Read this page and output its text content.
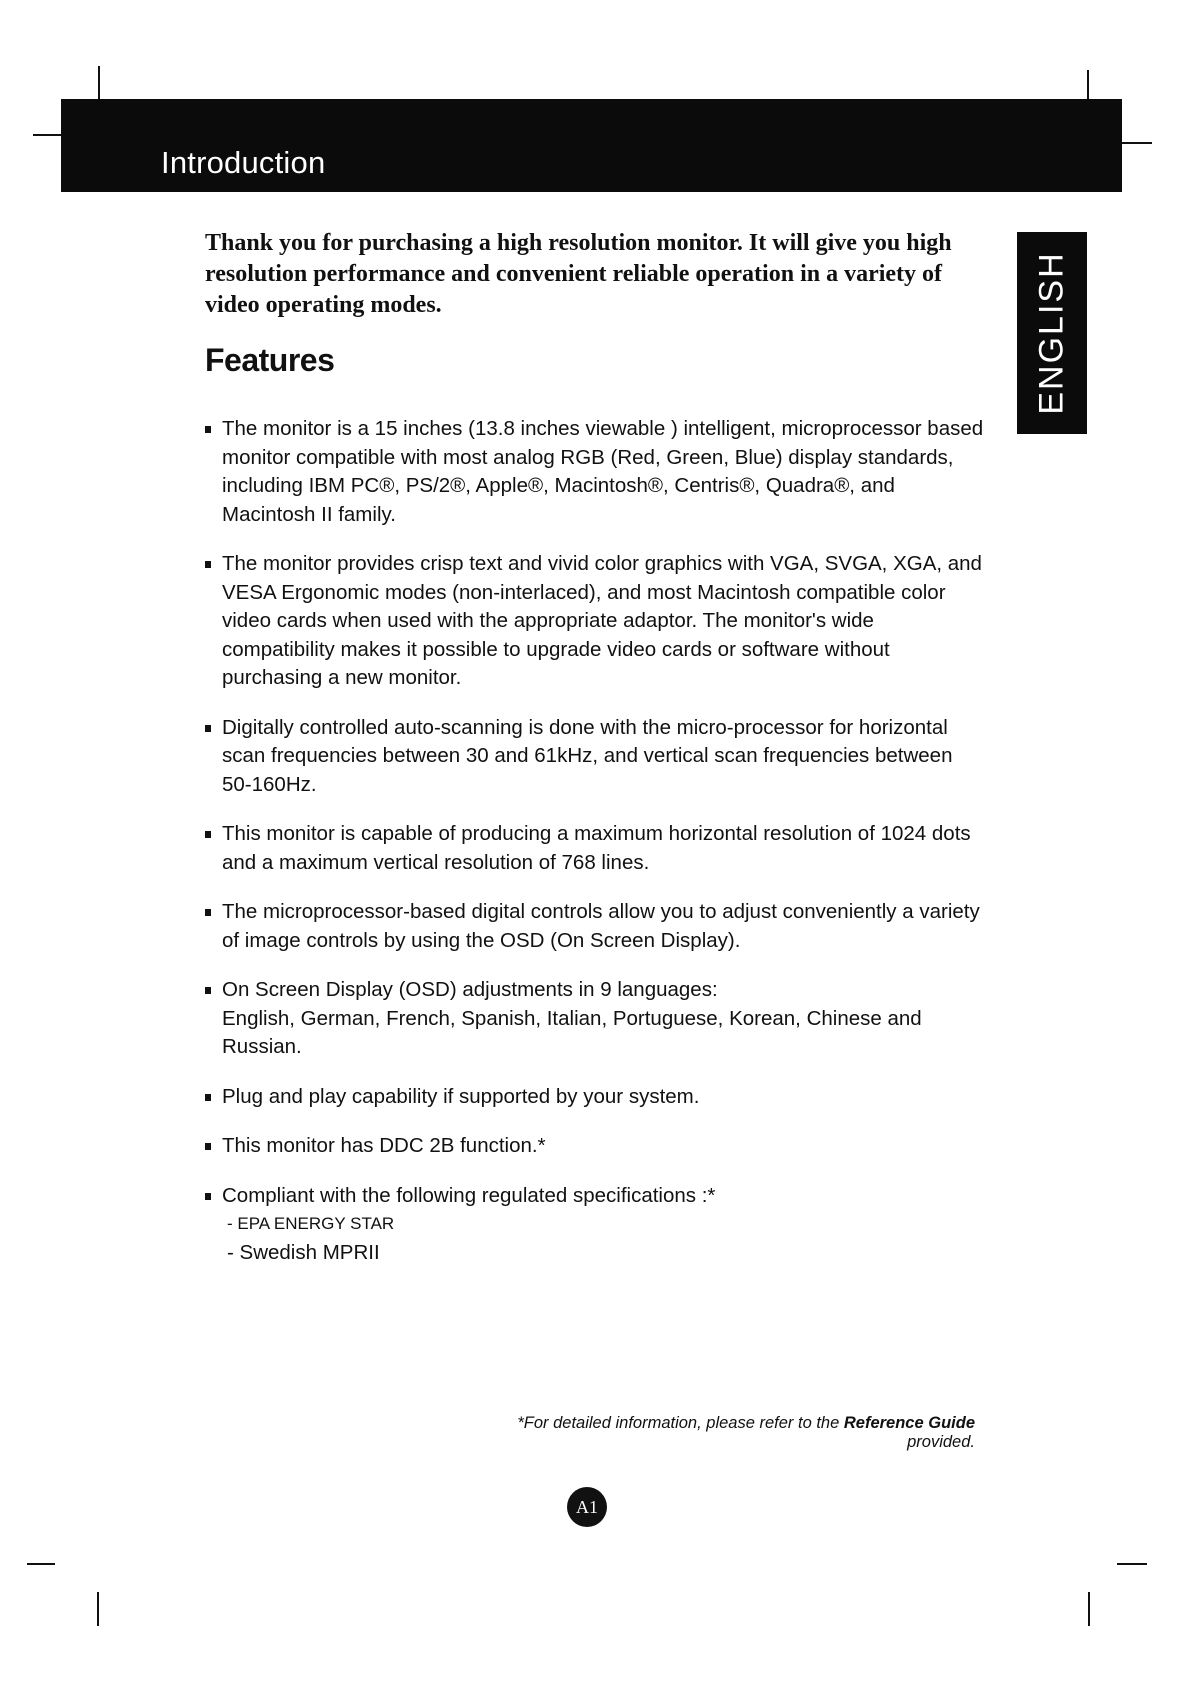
Introduction
ENGLISH

Thank you for purchasing a high resolution monitor. It will give you high resolution performance and convenient reliable operation in a variety of video operating modes.

Features
The monitor is a 15 inches (13.8 inches viewable ) intelligent, microprocessor based monitor compatible with most analog RGB (Red, Green, Blue) display standards, including IBM PC®, PS/2®, Apple®, Macintosh®, Centris®, Quadra®, and Macintosh II family.
The monitor provides crisp text and vivid color graphics with VGA, SVGA, XGA, and VESA Ergonomic modes (non-interlaced), and most Macintosh compatible color video cards when used with the appropriate adaptor. The monitor's wide compatibility makes it possible to upgrade video cards or software without purchasing a new monitor.
Digitally controlled auto-scanning is done with the micro-processor for horizontal scan frequencies between 30 and 61kHz, and vertical scan frequencies between 50-160Hz.
This monitor is capable of producing a maximum horizontal resolution of 1024 dots and a maximum vertical resolution of 768 lines.
The microprocessor-based digital controls allow you to adjust conveniently a variety of image controls by using the OSD (On Screen Display).
On Screen Display (OSD) adjustments in 9 languages:
English, German, French, Spanish, Italian, Portuguese, Korean, Chinese and Russian.
Plug and play capability if supported by your system.
This monitor has DDC 2B function.*
Compliant with the following regulated specifications :*
- EPA ENERGY STAR
- Swedish MPRII
*For detailed information, please refer to the Reference Guide provided.
A1
